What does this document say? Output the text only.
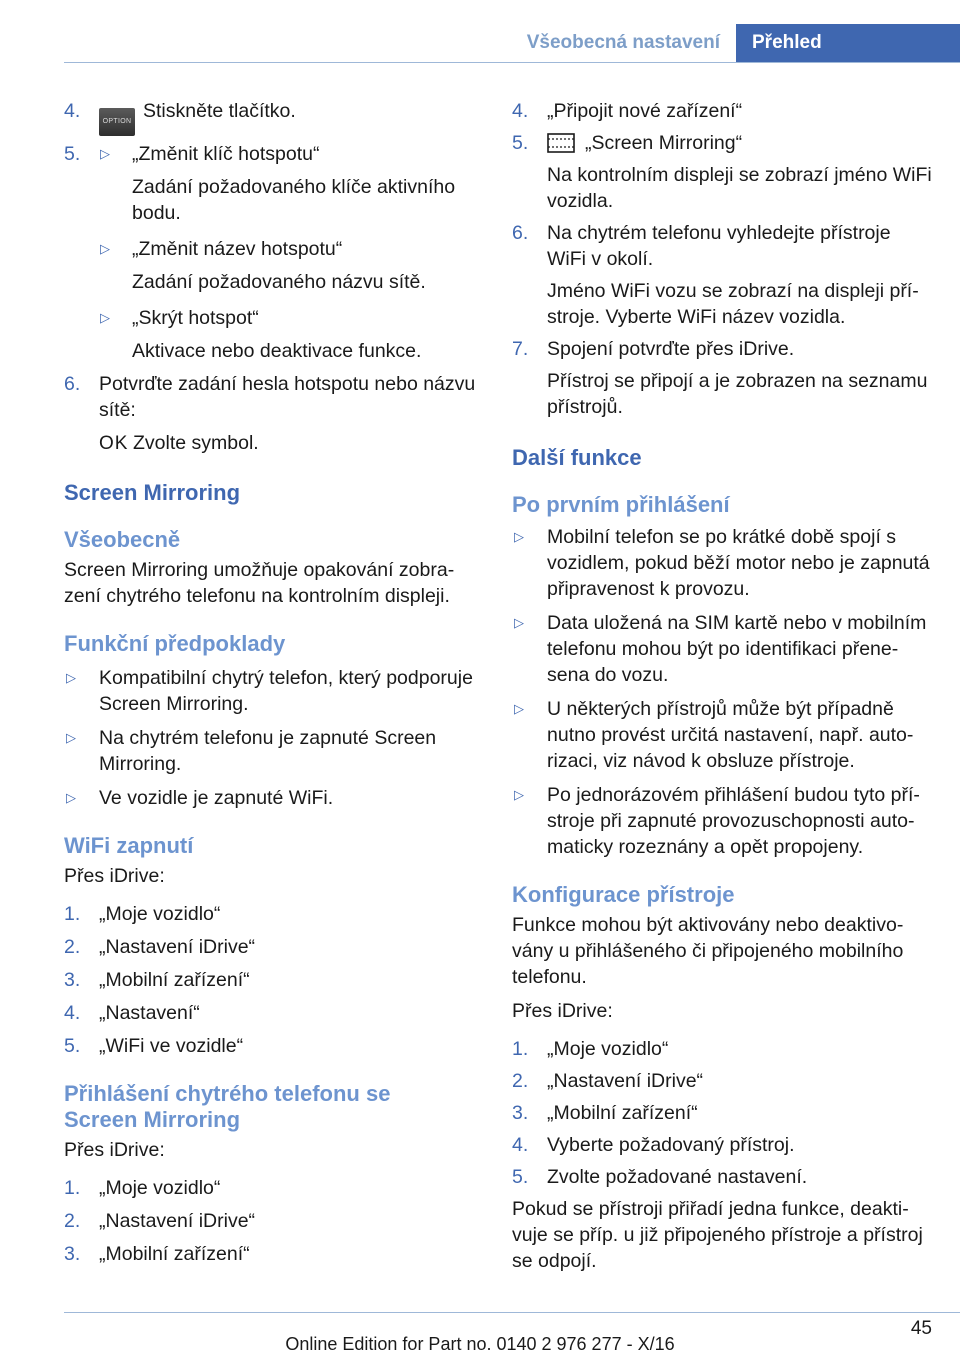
Všeobecná nastavení	Přehled
4.	OPTION Stiskněte tlačítko.
5. ▷ „Změnit klíč hotspotu“

Zadání požadovaného klíče aktivního bodu.

▷ „Změnit název hotspotu“

Zadání požadovaného názvu sítě.

▷ „Skrýt hotspot“

Aktivace nebo deaktivace funkce.

6. Potvrďte zadání hesla hotspotu nebo názvu sítě:

OK Zvolte symbol.

Screen Mirroring
Všeobecně

Screen Mirroring umožňuje opakování zobrazení chytrého telefonu na kontrolním displeji.

Funkční předpoklady
▷ Kompatibilní chytrý telefon, který podporuje Screen Mirroring.

▷ Na chytrém telefonu je zapnuté Screen Mirroring.

▷ Ve vozidle je zapnuté WiFi.

WiFi zapnutí

Přes iDrive:

1. „Moje vozidlo“

2. „Nastavení iDrive“

3. „Mobilní zařízení“

4. „Nastavení“

5. „WiFi ve vozidle“

Přihlášení chytrého telefonu se
Screen Mirroring

Přes iDrive:

1. „Moje vozidlo“

2. „Nastavení iDrive“

3. „Mobilní zařízení“

4. „Připojit nové zařízení“

5.	„Screen Mirroring“

Na kontrolním displeji se zobrazí jméno WiFi vozidla.

6. Na chytrém telefonu vyhledejte přístroje WiFi v okolí.

Jméno WiFi vozu se zobrazí na displeji přístroje. Vyberte WiFi název vozidla.

7. Spojení potvrďte přes iDrive.

Přístroj se připojí a je zobrazen na seznamu přístrojů.

Další funkce
Po prvním přihlášení
▷ Mobilní telefon se po krátké době spojí s vozidlem, pokud běží motor nebo je zapnutá připravenost k provozu.

▷ Data uložená na SIM kartě nebo v mobilním telefonu mohou být po identifikaci přenesena do vozu.

▷ U některých přístrojů může být případně nutno provést určitá nastavení, např. autorizaci, viz návod k obsluze přístroje.

▷ Po jednorázovém přihlášení budou tyto přístroje při zapnuté provozuschopnosti automaticky rozeznány a opět propojeny.

Konfigurace přístroje

Funkce mohou být aktivovány nebo deaktivovány u přihlášeného či připojeného mobilního telefonu.

Přes iDrive:

1. „Moje vozidlo“

2. „Nastavení iDrive“

3. „Mobilní zařízení“

4. Vyberte požadovaný přístroj.

5. Zvolte požadované nastavení.

Pokud se přístroji přiřadí jedna funkce, deaktivuje se příp. u již připojeného přístroje a přístroj se odpojí.

45
Online Edition for Part no. 0140 2 976 277 - X/16
